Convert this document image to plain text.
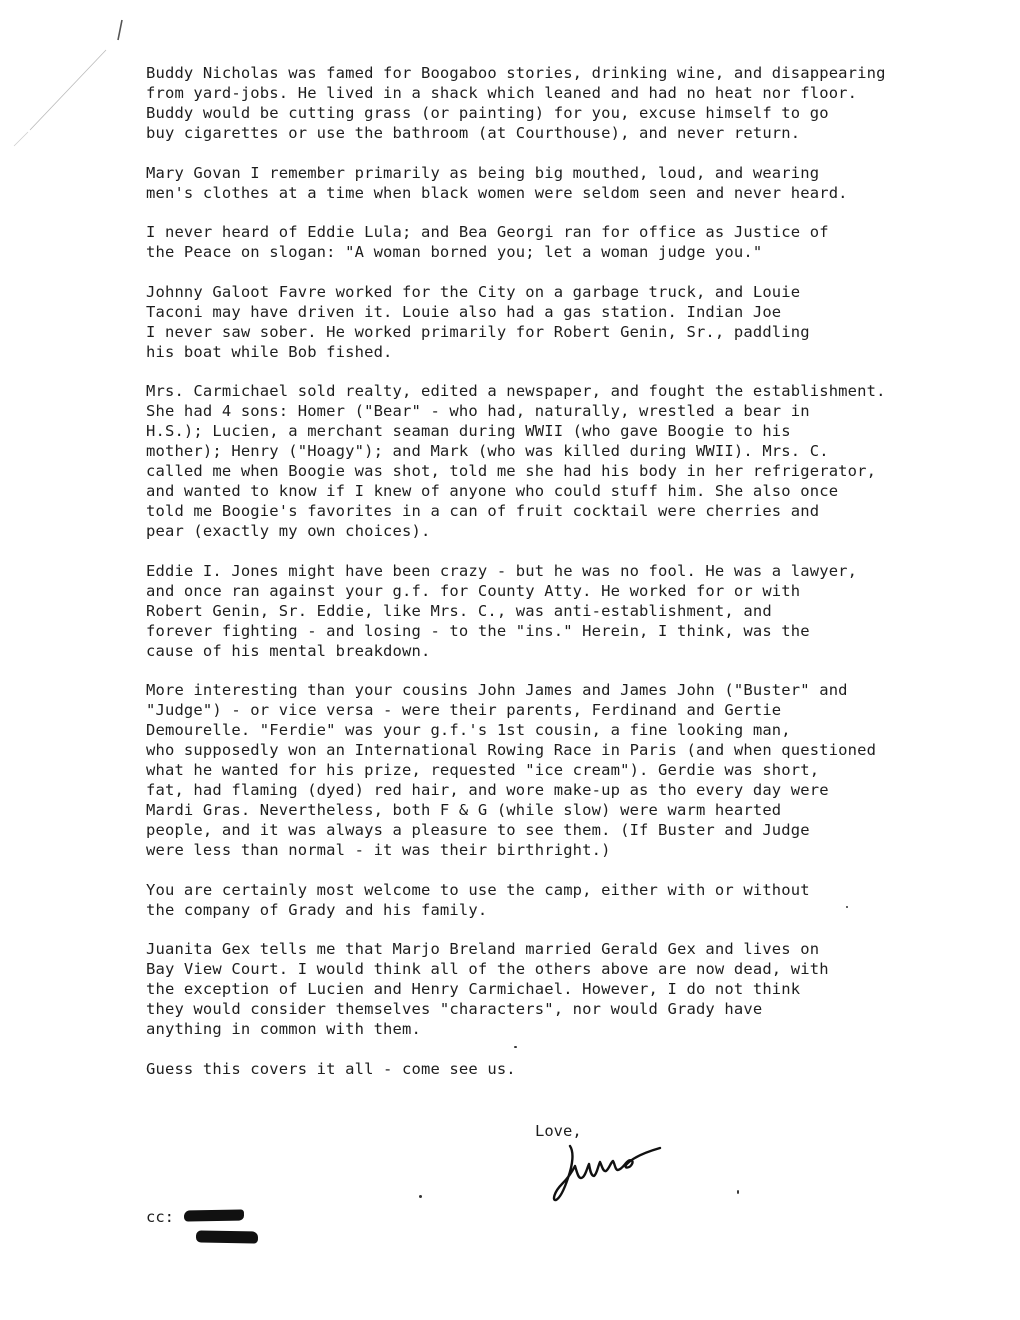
Buddy Nicholas was famed for Boogaboo stories, drinking wine, and disappearing
from yard-jobs. He lived in a shack which leaned and had no heat nor floor.
Buddy would be cutting grass (or painting) for you, excuse himself to go
buy cigarettes or use the bathroom (at Courthouse), and never return.
Mary Govan I remember primarily as being big mouthed, loud, and wearing
men's clothes at a time when black women were seldom seen and never heard.
I never heard of Eddie Lula; and Bea Georgi ran for office as Justice of
the Peace on slogan: "A woman borned you; let a woman judge you."
Johnny Galoot Favre worked for the City on a garbage truck, and Louie
Taconi may have driven it. Louie also had a gas station. Indian Joe
I never saw sober. He worked primarily for Robert Genin, Sr., paddling
his boat while Bob fished.
Mrs. Carmichael sold realty, edited a newspaper, and fought the establishment.
She had 4 sons: Homer ("Bear" - who had, naturally, wrestled a bear in
H.S.); Lucien, a merchant seaman during WWII (who gave Boogie to his
mother); Henry ("Hoagy"); and Mark (who was killed during WWII). Mrs. C.
called me when Boogie was shot, told me she had his body in her refrigerator,
and wanted to know if I knew of anyone who could stuff him. She also once
told me Boogie's favorites in a can of fruit cocktail were cherries and
pear (exactly my own choices).
Eddie I. Jones might have been crazy - but he was no fool. He was a lawyer,
and once ran against your g.f. for County Atty. He worked for or with
Robert Genin, Sr. Eddie, like Mrs. C., was anti-establishment, and
forever fighting - and losing - to the "ins." Herein, I think, was the
cause of his mental breakdown.
More interesting than your cousins John James and James John ("Buster" and
"Judge") - or vice versa - were their parents, Ferdinand and Gertie
Demourelle. "Ferdie" was your g.f.'s 1st cousin, a fine looking man,
who supposedly won an International Rowing Race in Paris (and when questioned
what he wanted for his prize, requested "ice cream"). Gerdie was short,
fat, had flaming (dyed) red hair, and wore make-up as tho every day were
Mardi Gras. Nevertheless, both F & G (while slow) were warm hearted
people, and it was always a pleasure to see them. (If Buster and Judge
were less than normal - it was their birthright.)
You are certainly most welcome to use the camp, either with or without
the company of Grady and his family.
Juanita Gex tells me that Marjo Breland married Gerald Gex and lives on
Bay View Court. I would think all of the others above are now dead, with
the exception of Lucien and Henry Carmichael. However, I do not think
they would consider themselves "characters", nor would Grady have
anything in common with them.
Guess this covers it all - come see us.
Love,
cc:
